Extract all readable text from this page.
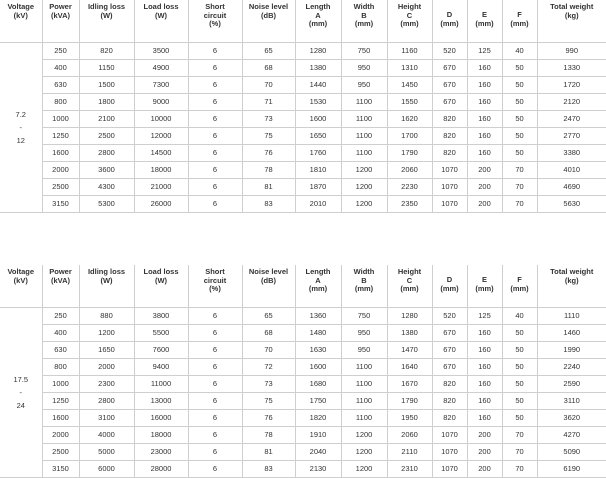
Voltage
(kV)	Power
(kVA)	Idling loss
(W)	Load loss
(W)	Short
circuit
(%)	Noise level
(dB)	Length
A
(mm)	Width
B
(mm)	Height
C
(mm)	D
(mm)	E
(mm)	F
(mm)	Total weight
(kg)
7.2
-
12	250	820	3500	6	65	1280	750	1160	520	125	40	990
	400	1150	4900	6	68	1380	950	1310	670	160	50	1330
	630	1500	7300	6	70	1440	950	1450	670	160	50	1720
	800	1800	9000	6	71	1530	1100	1550	670	160	50	2120
	1000	2100	10000	6	73	1600	1100	1620	820	160	50	2470
	1250	2500	12000	6	75	1650	1100	1700	820	160	50	2770
	1600	2800	14500	6	76	1760	1100	1790	820	160	50	3380
	2000	3600	18000	6	78	1810	1200	2060	1070	200	70	4010
	2500	4300	21000	6	81	1870	1200	2230	1070	200	70	4690
	3150	5300	26000	6	83	2010	1200	2350	1070	200	70	5630
Voltage
(kV)	Power
(kVA)	Idling loss
(W)	Load loss
(W)	Short
circuit
(%)	Noise level
(dB)	Length
A
(mm)	Width
B
(mm)	Height
C
(mm)	D
(mm)	E
(mm)	F
(mm)	Total weight
(kg)
17.5
-
24	250	880	3800	6	65	1360	750	1280	520	125	40	1110
	400	1200	5500	6	68	1480	950	1380	670	160	50	1460
	630	1650	7600	6	70	1630	950	1470	670	160	50	1990
	800	2000	9400	6	72	1600	1100	1640	670	160	50	2240
	1000	2300	11000	6	73	1680	1100	1670	820	160	50	2590
	1250	2800	13000	6	75	1750	1100	1790	820	160	50	3110
	1600	3100	16000	6	76	1820	1100	1950	820	160	50	3620
	2000	4000	18000	6	78	1910	1200	2060	1070	200	70	4270
	2500	5000	23000	6	81	2040	1200	2110	1070	200	70	5090
	3150	6000	28000	6	83	2130	1200	2310	1070	200	70	6190
